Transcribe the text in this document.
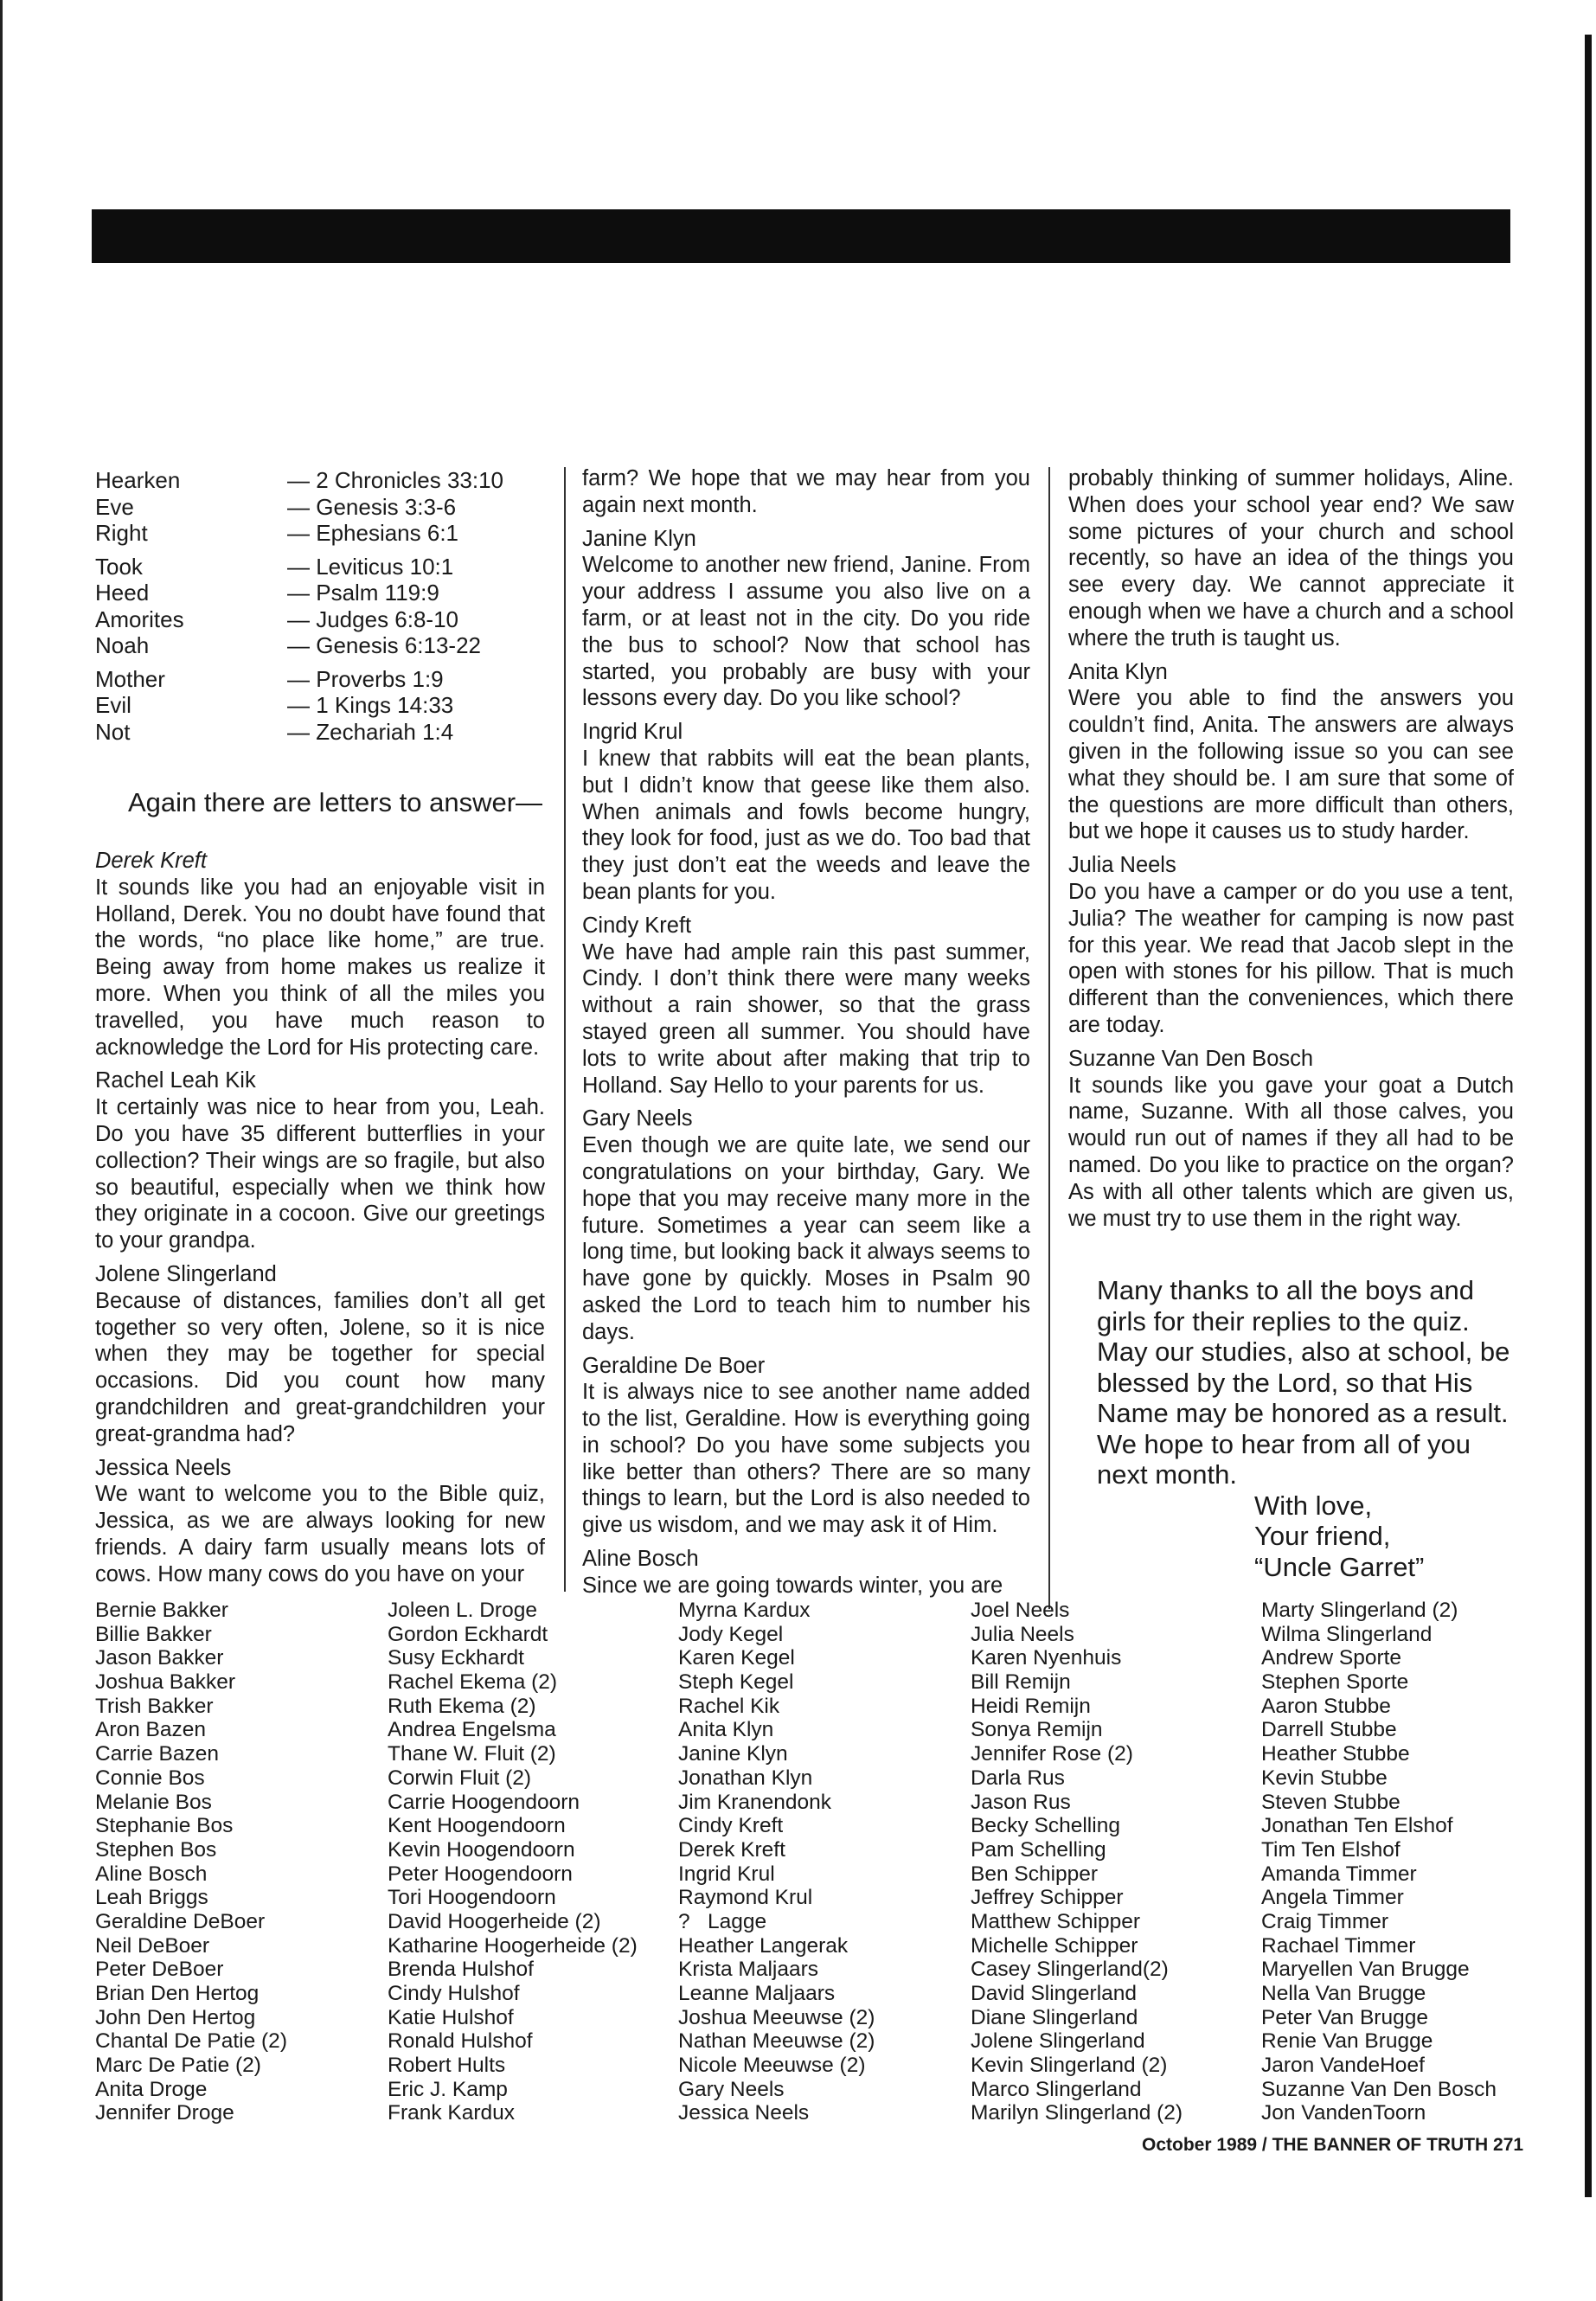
Hearken	— 2 Chronicles 33:10
Eve	— Genesis 3:3-6
Right	— Ephesians 6:1
Took	— Leviticus 10:1
Heed	— Psalm 119:9
Amorites	— Judges 6:8-10
Noah	— Genesis 6:13-22
Mother	— Proverbs 1:9
Evil	— 1 Kings 14:33
Not	— Zechariah 1:4
Again there are letters to answer—

Derek Kreft
It sounds like you had an enjoyable visit in Holland, Derek. You no doubt have found that the words, “no place like home,” are true. Being away from home makes us realize it more. When you think of all the miles you travelled, you have much reason to acknowledge the Lord for His protecting care.

Rachel Leah Kik
It certainly was nice to hear from you, Leah. Do you have 35 different butterflies in your collection? Their wings are so fragile, but also so beautiful, especially when we think how they originate in a cocoon. Give our greetings to your grandpa.

Jolene Slingerland
Because of distances, families don’t all get together so very often, Jolene, so it is nice when they may be together for special occasions. Did you count how many grandchildren and great-grandchildren your great-grandma had?

Jessica Neels
We want to welcome you to the Bible quiz, Jessica, as we are always looking for new friends. A dairy farm usually means lots of cows. How many cows do you have on your

farm? We hope that we may hear from you again next month.

Janine Klyn
Welcome to another new friend, Janine. From your address I assume you also live on a farm, or at least not in the city. Do you ride the bus to school? Now that school has started, you probably are busy with your lessons every day. Do you like school?

Ingrid Krul
I knew that rabbits will eat the bean plants, but I didn’t know that geese like them also. When animals and fowls become hungry, they look for food, just as we do. Too bad that they just don’t eat the weeds and leave the bean plants for you.

Cindy Kreft
We have had ample rain this past summer, Cindy. I don’t think there were many weeks without a rain shower, so that the grass stayed green all summer. You should have lots to write about after making that trip to Holland. Say Hello to your parents for us.

Gary Neels
Even though we are quite late, we send our congratulations on your birthday, Gary. We hope that you may receive many more in the future. Sometimes a year can seem like a long time, but looking back it always seems to have gone by quickly. Moses in Psalm 90 asked the Lord to teach him to number his days.

Geraldine De Boer
It is always nice to see another name added to the list, Geraldine. How is everything going in school? Do you have some subjects you like better than others? There are so many things to learn, but the Lord is also needed to give us wisdom, and we may ask it of Him.

Aline Bosch
Since we are going towards winter, you are

probably thinking of summer holidays, Aline. When does your school year end? We saw some pictures of your church and school recently, so have an idea of the things you see every day. We cannot appreciate it enough when we have a church and a school where the truth is taught us.

Anita Klyn
Were you able to find the answers you couldn’t find, Anita. The answers are always given in the following issue so you can see what they should be. I am sure that some of the questions are more difficult than others, but we hope it causes us to study harder.

Julia Neels
Do you have a camper or do you use a tent, Julia? The weather for camping is now past for this year. We read that Jacob slept in the open with stones for his pillow. That is much different than the conveniences, which there are today.

Suzanne Van Den Bosch
It sounds like you gave your goat a Dutch name, Suzanne. With all those calves, you would run out of names if they all had to be named. Do you like to practice on the organ? As with all other talents which are given us, we must try to use them in the right way.

Many thanks to all the boys and girls for their replies to the quiz. May our studies, also at school, be blessed by the Lord, so that His Name may be honored as a result. We hope to hear from all of you next month.
With love,
Your friend,
“Uncle Garret”
Bernie Bakker
Billie Bakker
Jason Bakker
Joshua Bakker
Trish Bakker
Aron Bazen
Carrie Bazen
Connie Bos
Melanie Bos
Stephanie Bos
Stephen Bos
Aline Bosch
Leah Briggs
Geraldine DeBoer
Neil DeBoer
Peter DeBoer
Brian Den Hertog
John Den Hertog
Chantal De Patie (2)
Marc De Patie (2)
Anita Droge
Jennifer Droge
Joleen L. Droge
Gordon Eckhardt
Susy Eckhardt
Rachel Ekema (2)
Ruth Ekema (2)
Andrea Engelsma
Thane W. Fluit (2)
Corwin Fluit (2)
Carrie Hoogendoorn
Kent Hoogendoorn
Kevin Hoogendoorn
Peter Hoogendoorn
Tori Hoogendoorn
David Hoogerheide (2)
Katharine Hoogerheide (2)
Brenda Hulshof
Cindy Hulshof
Katie Hulshof
Ronald Hulshof
Robert Hults
Eric J. Kamp
Frank Kardux
Myrna Kardux
Jody Kegel
Karen Kegel
Steph Kegel
Rachel Kik
Anita Klyn
Janine Klyn
Jonathan Klyn
Jim Kranendonk
Cindy Kreft
Derek Kreft
Ingrid Krul
Raymond Krul
?   Lagge
Heather Langerak
Krista Maljaars
Leanne Maljaars
Joshua Meeuwse (2)
Nathan Meeuwse (2)
Nicole Meeuwse (2)
Gary Neels
Jessica Neels
Joel Neels
Julia Neels
Karen Nyenhuis
Bill Remijn
Heidi Remijn
Sonya Remijn
Jennifer Rose (2)
Darla Rus
Jason Rus
Becky Schelling
Pam Schelling
Ben Schipper
Jeffrey Schipper
Matthew Schipper
Michelle Schipper
Casey Slingerland(2)
David Slingerland
Diane Slingerland
Jolene Slingerland
Kevin Slingerland (2)
Marco Slingerland
Marilyn Slingerland (2)
Marty Slingerland (2)
Wilma Slingerland
Andrew Sporte
Stephen Sporte
Aaron Stubbe
Darrell Stubbe
Heather Stubbe
Kevin Stubbe
Steven Stubbe
Jonathan Ten Elshof
Tim Ten Elshof
Amanda Timmer
Angela Timmer
Craig Timmer
Rachael Timmer
Maryellen Van Brugge
Nella Van Brugge
Peter Van Brugge
Renie Van Brugge
Jaron VandeHoef
Suzanne Van Den Bosch
Jon VandenToorn
October 1989 / THE BANNER OF TRUTH 271
